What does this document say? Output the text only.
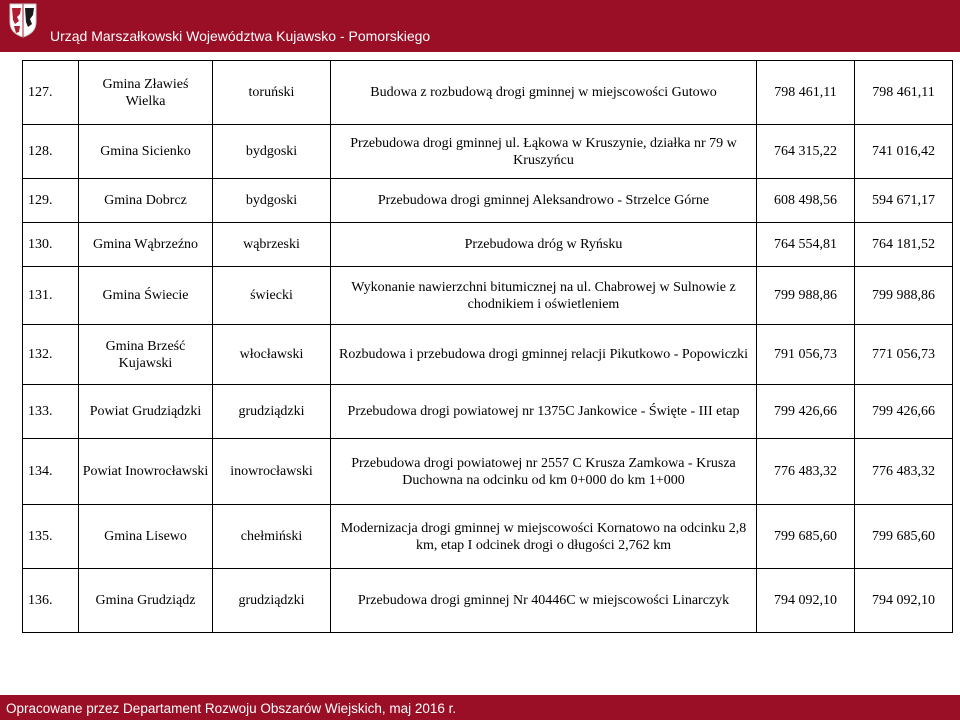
Urząd Marszałkowski Województwa Kujawsko - Pomorskiego
127.	Gmina Zławieś Wielka	toruński	Budowa z rozbudową drogi gminnej w miejscowości Gutowo	798 461,11	798 461,11
128.	Gmina Sicienko	bydgoski	Przebudowa drogi gminnej ul. Łąkowa w Kruszynie, działka nr 79 w Kruszyńcu	764 315,22	741 016,42
129.	Gmina Dobrcz	bydgoski	Przebudowa drogi gminnej Aleksandrowo - Strzelce Górne	608 498,56	594 671,17
130.	Gmina Wąbrzeźno	wąbrzeski	Przebudowa dróg w Ryńsku	764 554,81	764 181,52
131.	Gmina Świecie	świecki	Wykonanie nawierzchni bitumicznej na ul. Chabrowej w Sulnowie z chodnikiem i oświetleniem	799 988,86	799 988,86
132.	Gmina Brześć Kujawski	włocławski	Rozbudowa i przebudowa drogi gminnej relacji Pikutkowo - Popowiczki	791 056,73	771 056,73
133.	Powiat Grudziądzki	grudziądzki	Przebudowa drogi powiatowej nr 1375C Jankowice - Święte - III etap	799 426,66	799 426,66
134.	Powiat Inowrocławski	inowrocławski	Przebudowa drogi powiatowej nr 2557 C Krusza Zamkowa - Krusza Duchowna na odcinku od km 0+000 do km 1+000	776 483,32	776 483,32
135.	Gmina Lisewo	chełmiński	Modernizacja drogi gminnej w miejscowości Kornatowo na odcinku 2,8 km, etap I odcinek drogi o długości 2,762 km	799 685,60	799 685,60
136.	Gmina Grudziądz	grudziądzki	Przebudowa drogi gminnej Nr 40446C w miejscowości Linarczyk	794 092,10	794 092,10
Opracowane przez Departament Rozwoju Obszarów Wiejskich, maj 2016 r.
